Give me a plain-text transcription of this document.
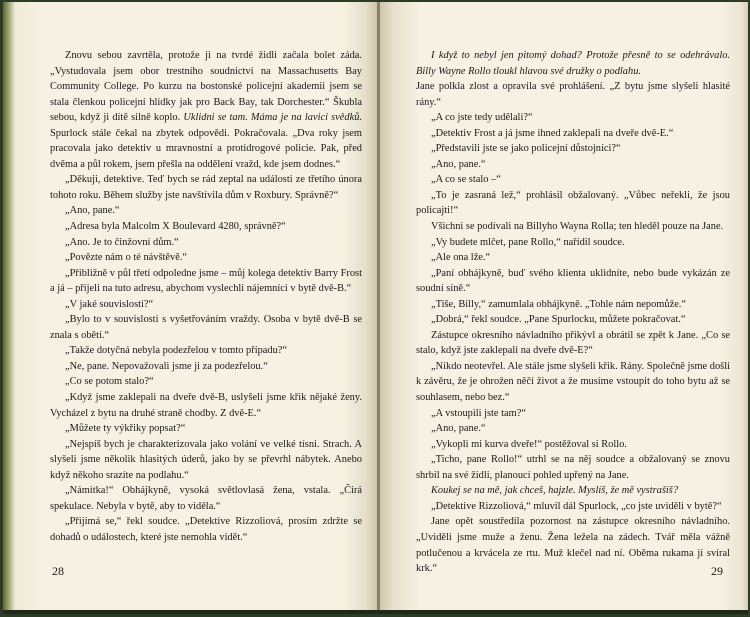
Znovu sebou zavrtěla, protože ji na tvrdé židli začala bolet záda. „Vystudovala jsem obor trestního soudnictví na Massachusetts Bay Community College. Po kurzu na bostonské policejní akademii jsem se stala členkou policejní hlídky jak pro Back Bay, tak Dorchester.“ Škubla sebou, když ji dítě silně koplo. Uklidni se tam. Máma je na lavici svědků. Spurlock stále čekal na zbytek odpovědi. Pokračovala. „Dva roky jsem pracovala jako detektiv u mravnostní a protidrogové policie. Pak, před dvěma a půl rokem, jsem přešla na oddělení vražd, kde jsem dodnes.“

„Děkuji, detektive. Teď bych se rád zeptal na události ze třetího února tohoto roku. Během služby jste navštívila dům v Roxbury. Správně?“

„Ano, pane.“

„Adresa byla Malcolm X Boulevard 4280, správně?“

„Ano. Je to činžovní dům.“

„Povězte nám o té návštěvě.“

„Přibližně v půl třetí odpoledne jsme – můj kolega detektiv Barry Frost a já – přijeli na tuto adresu, abychom vyslechli nájemníci v bytě dvě-B.“

„V jaké souvislosti?“

„Bylo to v souvislosti s vyšetřováním vraždy. Osoba v bytě dvě-B se znala s obětí.“

„Takže dotyčná nebyla podezřelou v tomto případu?“

„Ne, pane. Nepovažovali jsme ji za podezřelou.“

„Co se potom stalo?“

„Když jsme zaklepali na dveře dvě-B, uslyšeli jsme křik nějaké ženy. Vycházel z bytu na druhé straně chodby. Z dvě-E.“

„Můžete ty výkřiky popsat?“

„Nejspíš bych je charakterizovala jako volání ve velké tísni. Strach. A slyšeli jsme několik hlasitých úderů, jako by se převrhl nábytek. Anebo když někoho srazíte na podlahu.“

„Námitka!“ Obhájkyně, vysoká světlovlasá žena, vstala. „Čirá spekulace. Nebyla v bytě, aby to viděla.“

„Přijímá se,“ řekl soudce. „Detektive Rizzoliová, prosím zdržte se dohadů o událostech, které jste nemohla vidět.“

28

I když to nebyl jen pitomý dohad? Protože přesně to se odehrávalo. Billy Wayne Rollo tloukl hlavou své družky o podlahu.

Jane polkla zlost a opravila své prohlášení. „Z bytu jsme slyšeli hlasité rány.“

„A co jste tedy udělali?“

„Detektiv Frost a já jsme ihned zaklepali na dveře dvě-E.“

„Představili jste se jako policejní důstojníci?“

„Ano, pane.“

„A co se stalo –“

„To je zasraná lež,“ prohlásil obžalovaný. „Vůbec neřekli, že jsou policajti!“

Všichni se podívali na Billyho Wayna Rolla; ten hleděl pouze na Jane.

„Vy budete mlčet, pane Rollo,“ nařídil soudce.

„Ale ona lže.“

„Paní obhájkyně, buď svého klienta uklidníte, nebo bude vykázán ze soudní síně.“

„Tiše, Billy,“ zamumlala obhájkyně. „Tohle nám nepomůže.“

„Dobrá,“ řekl soudce. „Pane Spurlocku, můžete pokračovat.“

Zástupce okresního návladního přikývl a obrátil se zpět k Jane. „Co se stalo, když jste zaklepali na dveře dvě-E?“

„Nikdo neotevřel. Ale stále jsme slyšeli křik. Rány. Společně jsme došli k závěru, že je ohrožen něčí život a že musíme vstoupit do toho bytu až se souhlasem, nebo bez.“

„A vstoupili jste tam?“

„Ano, pane.“

„Vykopli mi kurva dveře!“ postěžoval si Rollo.

„Ticho, pane Rollo!“ utrhl se na něj soudce a obžalovaný se znovu shrbil na své židli, planoucí pohled upřený na Jane.

Koukej se na mě, jak chceš, hajzle. Myslíš, že mě vystrašíš?

„Detektive Rizzoliová,“ mluvil dál Spurlock, „co jste uviděli v bytě?“

Jane opět soustředila pozornost na zástupce okresního návladního. „Uviděli jsme muže a ženu. Žena ležela na zádech. Tvář měla vážně potlučenou a krvácela ze rtu. Muž klečel nad ní. Oběma rukama jí svíral krk.“	29
